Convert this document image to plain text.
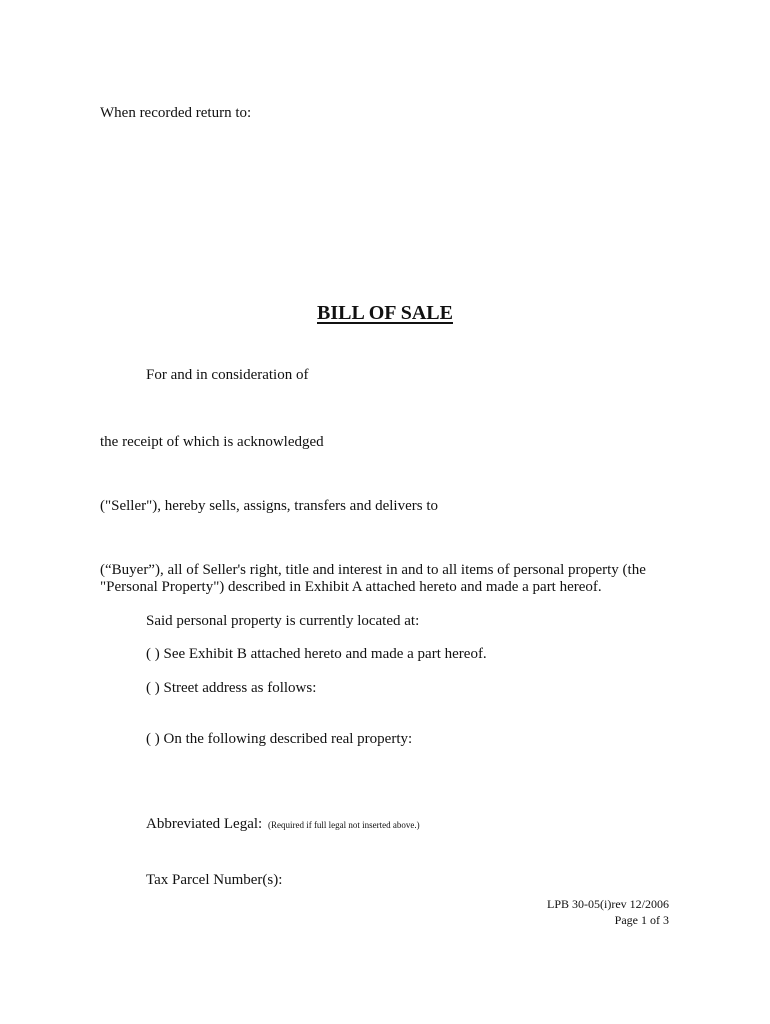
When recorded return to:
BILL OF SALE
For and in consideration of
the receipt of which is acknowledged
("Seller"), hereby sells, assigns, transfers and delivers to
(“Buyer”), all of Seller's right, title and interest in and to all items of personal property (the
"Personal Property") described in Exhibit A attached hereto and made a part hereof.
Said personal property is currently located at:
( ) See Exhibit B attached hereto and made a part hereof.
( ) Street address as follows:
( ) On the following described real property:
Abbreviated Legal: (Required if full legal not inserted above.)
Tax Parcel Number(s):
LPB 30-05(i)rev 12/2006
Page 1 of 3
